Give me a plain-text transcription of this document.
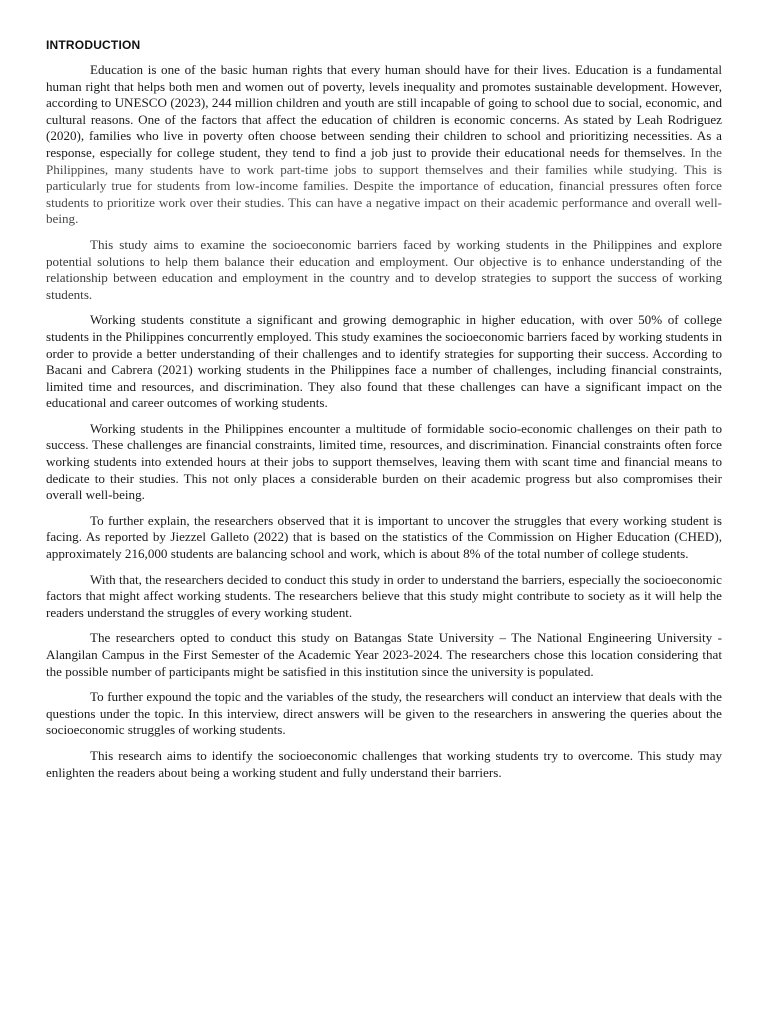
INTRODUCTION

Education is one of the basic human rights that every human should have for their lives. Education is a fundamental human right that helps both men and women out of poverty, levels inequality and promotes sustainable development. However, according to UNESCO (2023), 244 million children and youth are still incapable of going to school due to social, economic, and cultural reasons. One of the factors that affect the education of children is economic concerns. As stated by Leah Rodriguez (2020), families who live in poverty often choose between sending their children to school and prioritizing necessities. As a response, especially for college student, they tend to find a job just to provide their educational needs for themselves. In the Philippines, many students have to work part-time jobs to support themselves and their families while studying. This is particularly true for students from low-income families. Despite the importance of education, financial pressures often force students to prioritize work over their studies. This can have a negative impact on their academic performance and overall well-being.

This study aims to examine the socioeconomic barriers faced by working students in the Philippines and explore potential solutions to help them balance their education and employment. Our objective is to enhance understanding of the relationship between education and employment in the country and to develop strategies to support the success of working students.

Working students constitute a significant and growing demographic in higher education, with over 50% of college students in the Philippines concurrently employed. This study examines the socioeconomic barriers faced by working students in order to provide a better understanding of their challenges and to identify strategies for supporting their success. According to Bacani and Cabrera (2021) working students in the Philippines face a number of challenges, including financial constraints, limited time and resources, and discrimination. They also found that these challenges can have a significant impact on the educational and career outcomes of working students.

Working students in the Philippines encounter a multitude of formidable socio-economic challenges on their path to success. These challenges are financial constraints, limited time, resources, and discrimination. Financial constraints often force working students into extended hours at their jobs to support themselves, leaving them with scant time and financial means to dedicate to their studies. This not only places a considerable burden on their academic progress but also compromises their overall well-being.

To further explain, the researchers observed that it is important to uncover the struggles that every working student is facing. As reported by Jiezzel Galleto (2022) that is based on the statistics of the Commission on Higher Education (CHED), approximately 216,000 students are balancing school and work, which is about 8% of the total number of college students.

With that, the researchers decided to conduct this study in order to understand the barriers, especially the socioeconomic factors that might affect working students. The researchers believe that this study might contribute to society as it will help the readers understand the struggles of every working student.

The researchers opted to conduct this study on Batangas State University – The National Engineering University - Alangilan Campus in the First Semester of the Academic Year 2023-2024. The researchers chose this location considering that the possible number of participants might be satisfied in this institution since the university is populated.

To further expound the topic and the variables of the study, the researchers will conduct an interview that deals with the questions under the topic. In this interview, direct answers will be given to the researchers in answering the queries about the socioeconomic struggles of working students.

This research aims to identify the socioeconomic challenges that working students try to overcome. This study may enlighten the readers about being a working student and fully understand their barriers.
